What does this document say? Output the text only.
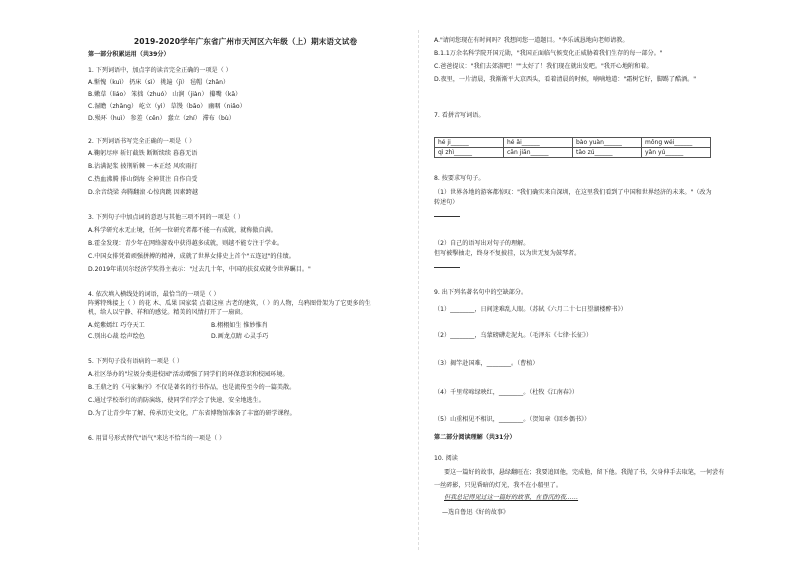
2019-2020学年广东省广州市天河区六年级（上）期末语文试卷
第一部分积累运用（共39分）
1. 下列词语中，加点字的读音完全正确的一项是（ ）
A.惭愧（kuì） 扔床（sì） 挑遍（jì） 毡帽（zhān）
B.嫩草（liáo） 笨拙（zhuó） 山涧（jiàn） 攥嘴（kā）
C.湿瞻（zhāng） 屹立（yì） 草馒（bāo） 幽咽（niǎo）
D.殒环（huì） 参差（cēn） 蠢立（zhí） 滞布（bù）
2. 下列词语书写完全正确的一项是（ ）
A.鞠躬尽瘁 斩钉截铁 断断续续 暮暮无语
B.沾满泥浆 披荆斩棘 一本正经 风吹雨打
C.热血沸腾 排山倒海 全神贯注 自作自受
D.余音绕梁 奔腾翻滚 心惊肉跳 因素跨越
3. 下列句子中加点词的意思与其他三项不同的一项是（ ）
A.科学研究永无止境，任何一位研究者都不能一有成就，就称傲自满。
B.霍金发现：青少年在网络游戏中获得越多成就，则越不能专注于学业。
C.中国女排凭着顽强拼搏的精神，成就了世界女排史上首个"五连冠"的佳绩。
D.2019年诺贝尔经济学奖得主表示："过去几十年，中国的扶贫成就令世界瞩目。"
4. 依次填入横线处的词语，最恰当的一项是（ ）
阵雾特殊接上（ ）的花 木、瓜果 国家装 点着这座 古老的建筑，（ ）的人物，乌鸦图骨架为了它更多的生
机，给人以宁静、祥和的感觉。精美的风情打开了一扇窗。
A.姹紫嫣红 巧夺天工	B.栩栩如生 惟妙惟肖
C.别出心裁 绘声绘色	D.画龙点睛 心灵手巧
5. 下列句子没有语病的一项是（ ）
A.社区举办的"垃圾分类进校园"活动增强了同学们的环保意识和校园环境。
B.王鼎之的《马家集序》不仅是著名的行书作品，也是流传至今的一篇美散。
C.通过学校举行的消防演练，使同学们学会了快速、安全地逃生。
D.为了让青少年了解、传承历史文化，广东省博物馆准备了丰富的研学课程。
6. 用冒号形式替代"语气"来达不恰当的一项是（ ）
A."请问您现在有时间吗？我想问您一道题目。"李乐诚恳地向老师请教。
B.1.1万余名科学院开国元勋，"我国正面临气候变化正威胁着我们生存的每一部分。"
C.爸爸提议："我们去郊游吧！""太好了！我们现在就出发吧。"我开心地附和着。
D.夜里，一片清晨，我渐渐平大京西头，看着清晨的时候，喃喃地道："霜树它好，脚踢了酷酒。"
7. 看拼音写词语。
hé ji______	hé ǎi______	bào yuàn______	mǒng wéi______
qì zhì______	cān jiān______	tāo zú______	yǎn yú______
8. 按要求写句子。
（1）世界各地的游客都惊叹："我们确实来自深圳，在这里我们看到了中国和世界经济的未来。"（改为
转述句）
（2）自己的语写出对句子的理解。
但写被擊抽走，终身不复披挂，以为世无复为鼓琴者。
9. 出下列名著名句中的空缺部分。
（1）________，日间迷难乱人眼。（苏轼《六月二十七日望湖楼醉书》）
（2）________，乌蒙磅礴走泥丸。（毛泽东《七律·长征》）
（3）揭竿赴国难，________。（曹植）
（4）千里莺啼绿映红，________。（杜牧《江南春》）
（5）山重相见不相识，________。（贺知章《回乡偶书》）
第二部分阅读理解（共31分）
10. 阅读
要这一篇好的故事，悬绿翻旺在；我要追回他，完成他，留下他。我抛了书，欠身伸手去取笔，一何尝有
一丝碎影，只见昏暗的灯光，我不在小船里了。
但我总记得见过这一篇好的故事，在昏沉的夜……
—选自鲁迅《好的故事》
